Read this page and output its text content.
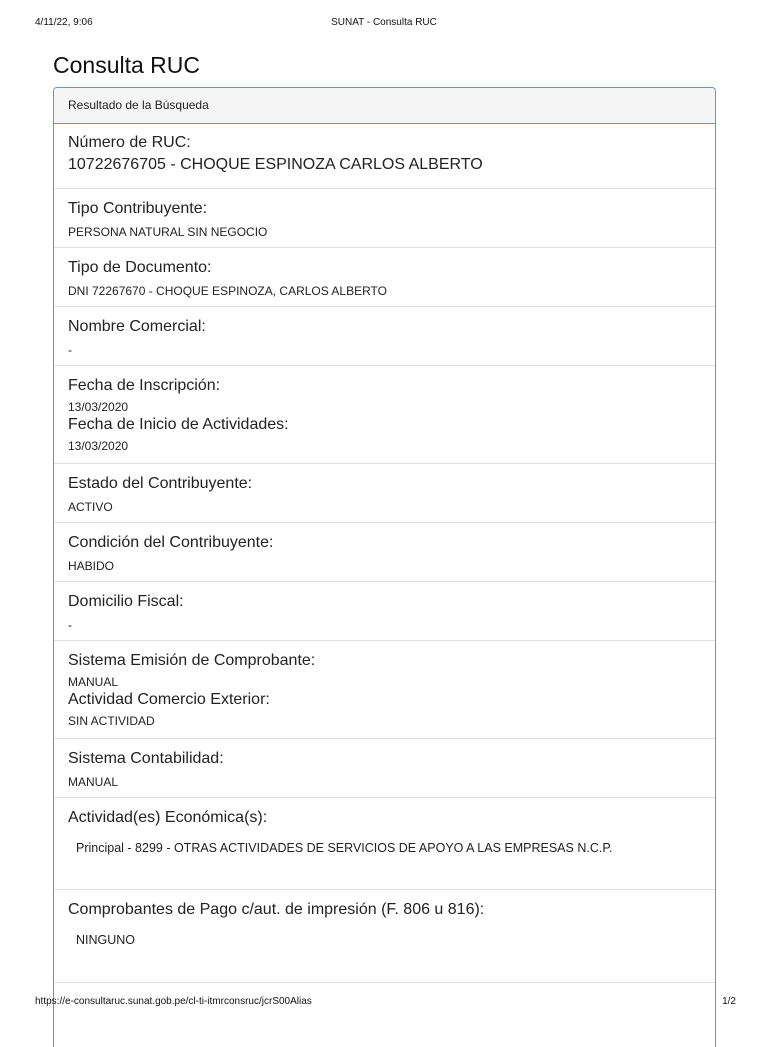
4/11/22, 9:06	SUNAT - Consulta RUC
Consulta RUC
Resultado de la Búsqueda
Número de RUC:
10722676705 - CHOQUE ESPINOZA CARLOS ALBERTO
Tipo Contribuyente:
PERSONA NATURAL SIN NEGOCIO
Tipo de Documento:
DNI 72267670 - CHOQUE ESPINOZA, CARLOS ALBERTO
Nombre Comercial:
-
Fecha de Inscripción:
13/03/2020
Fecha de Inicio de Actividades:
13/03/2020
Estado del Contribuyente:
ACTIVO
Condición del Contribuyente:
HABIDO
Domicilio Fiscal:
-
Sistema Emisión de Comprobante:
MANUAL
Actividad Comercio Exterior:
SIN ACTIVIDAD
Sistema Contabilidad:
MANUAL
Actividad(es) Económica(s):
Principal - 8299 - OTRAS ACTIVIDADES DE SERVICIOS DE APOYO A LAS EMPRESAS N.C.P.
Comprobantes de Pago c/aut. de impresión (F. 806 u 816):
NINGUNO
https://e-consultaruc.sunat.gob.pe/cl-ti-itmrconsruc/jcrS00Alias	1/2
